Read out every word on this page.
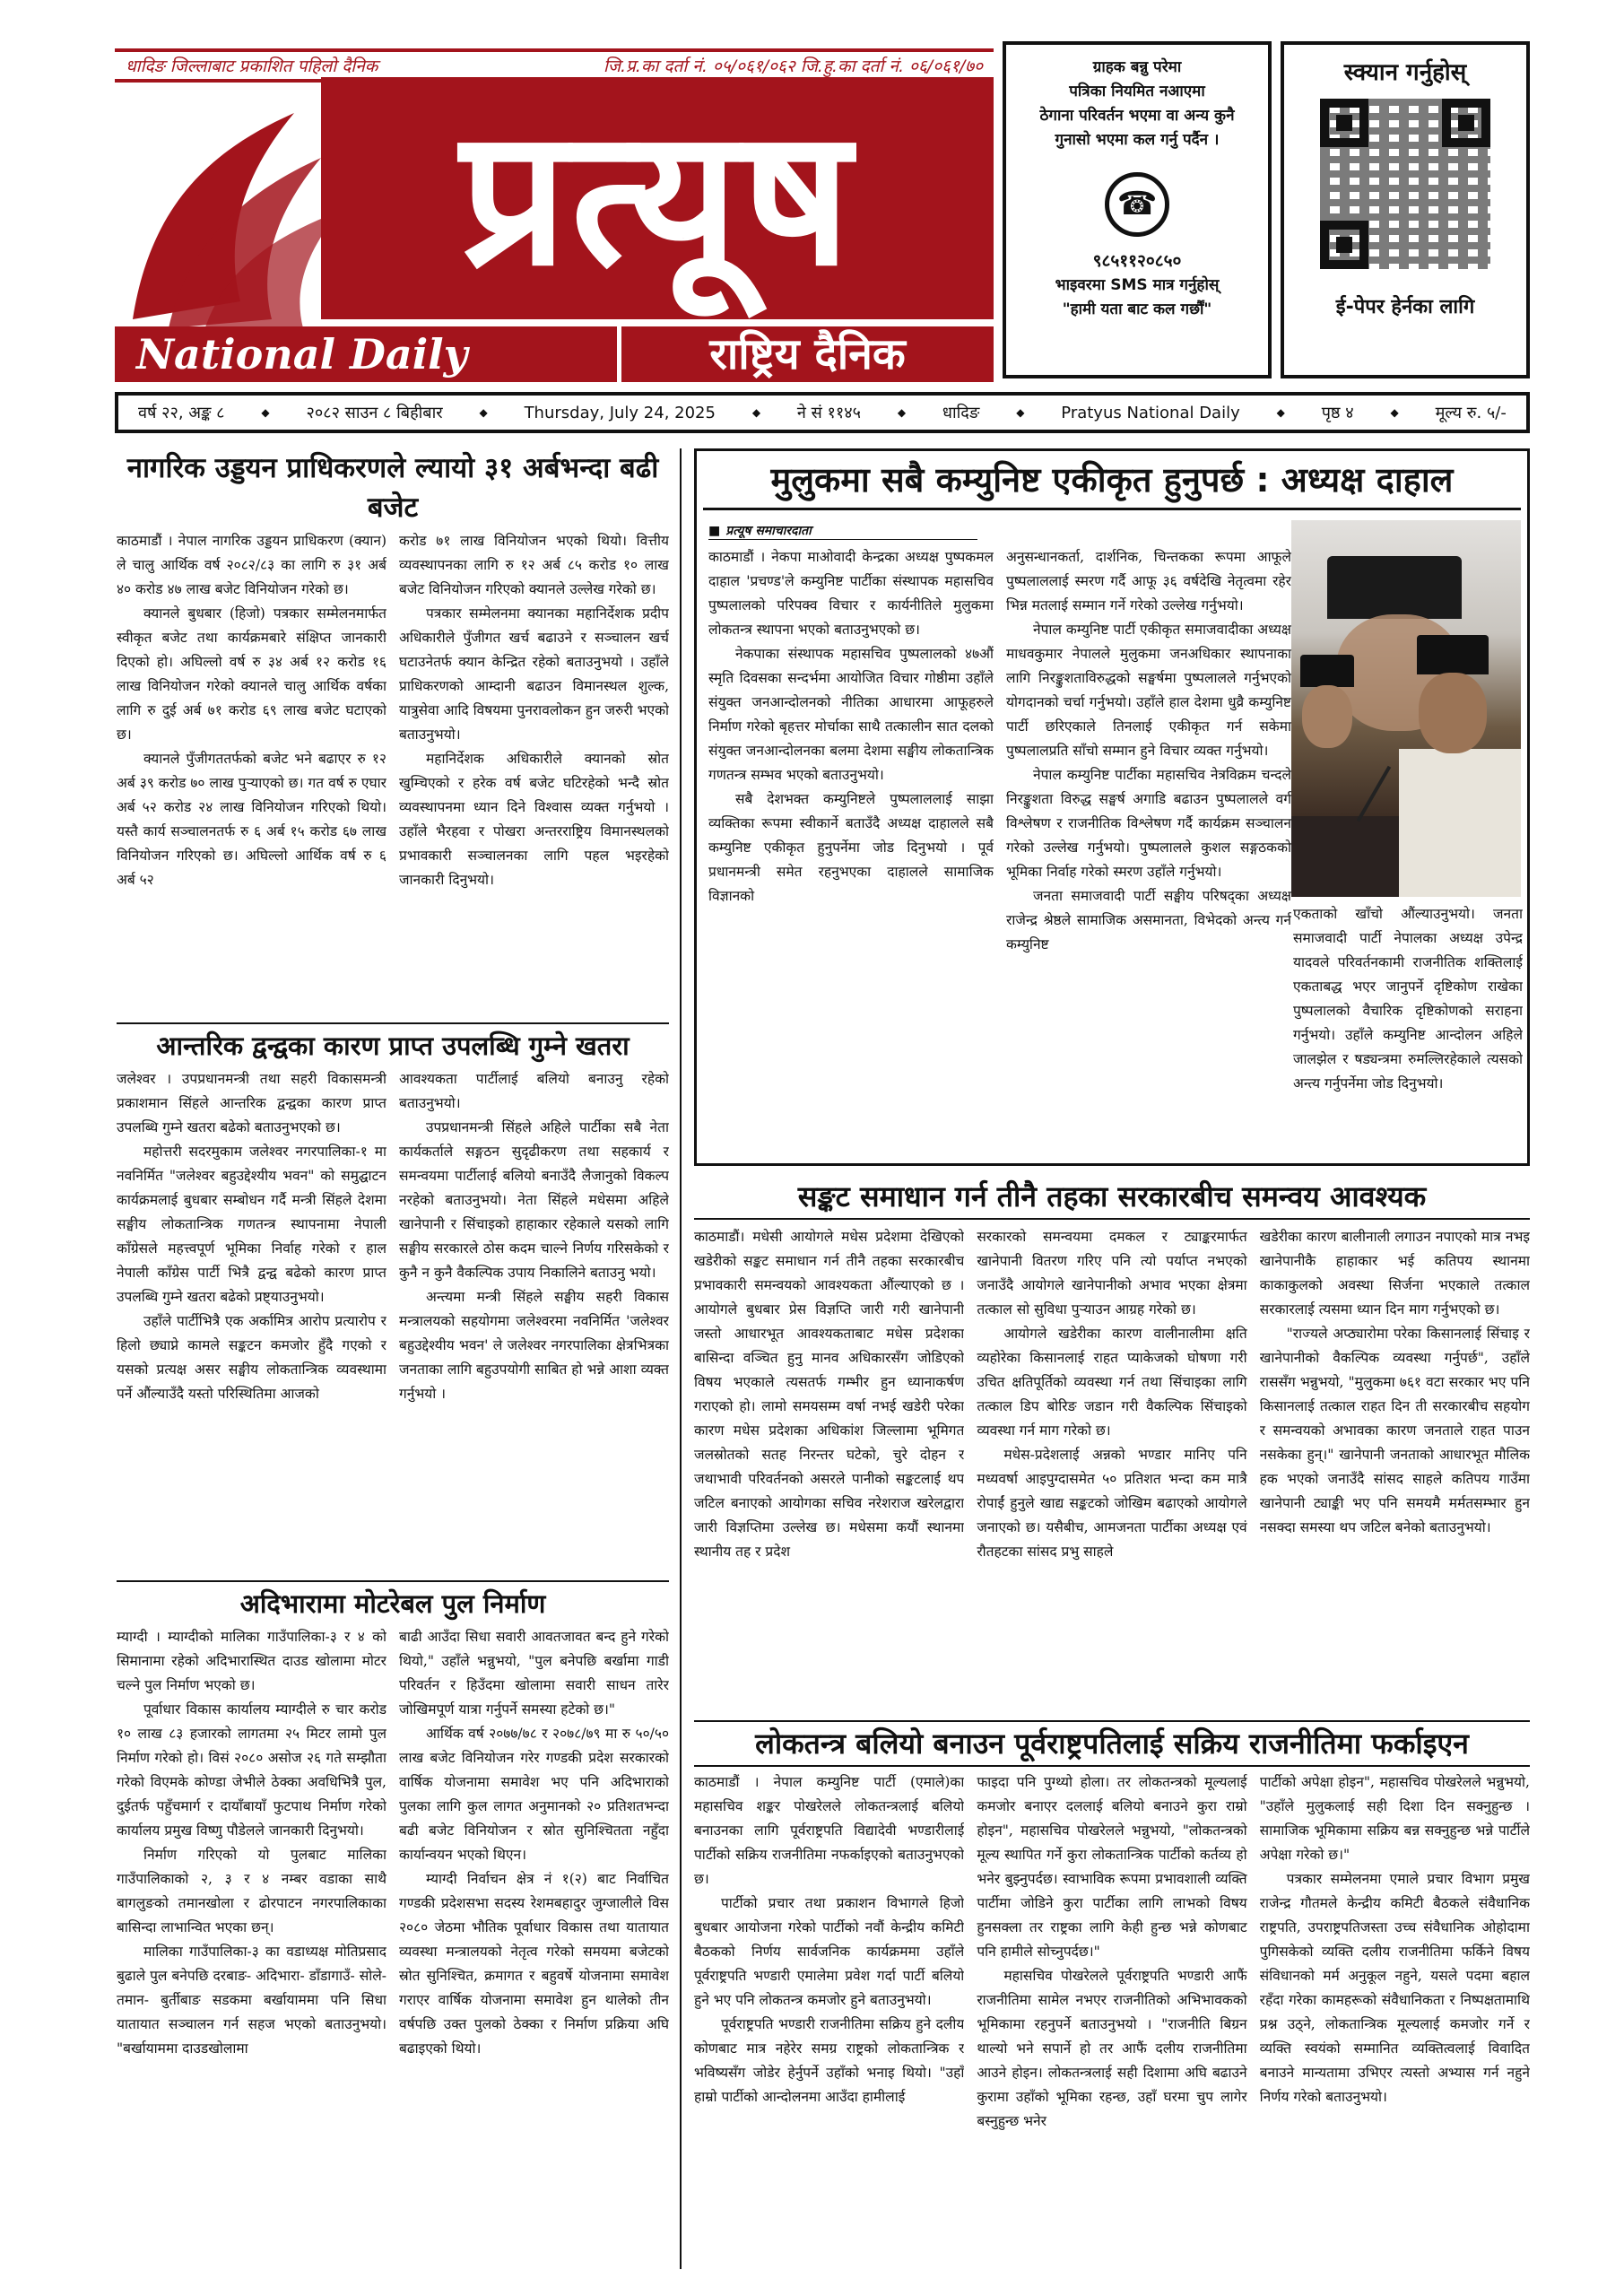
धादिङ जिल्लाबाट प्रकाशित पहिलो दैनिक	जि.प्र.का दर्ता नं. ०५/०६१/०६२ जि.हु.का दर्ता नं. ०६/०६१/७०
प्रत्यूष
National Daily	राष्ट्रिय दैनिक
ग्राहक बन्नु परेमा
पत्रिका नियमित नआएमा
ठेगाना परिवर्तन भएमा वा अन्य कुनै
गुनासो भएमा कल गर्नु पर्दैन ।
☎
९८५११२०८५०
भाइवरमा SMS मात्र गर्नुहोस्
"हामी यता बाट कल गर्छौं"
स्क्यान गर्नुहोस्
ई-पेपर हेर्नका लागि
वर्ष २२, अङ्क ८	◆ २०८२ साउन ८ बिहीबार	◆ Thursday, July 24, 2025	◆ ने सं ११४५	◆ धादिङ	◆ Pratyus National Daily	◆ पृष्ठ ४	◆ मूल्य रु. ५/-
नागरिक उड्डयन प्राधिकरणले ल्यायो ३१ अर्बभन्दा बढी बजेट

काठमाडौं । नेपाल नागरिक उड्डयन प्राधिकरण (क्यान) ले चालु आर्थिक वर्ष २०८२/८३ का लागि रु ३१ अर्ब ४० करोड ४७ लाख बजेट विनियोजन गरेको छ।

क्यानले बुधबार (हिजो) पत्रकार सम्मेलनमार्फत स्वीकृत बजेट तथा कार्यक्रमबारे संक्षिप्त जानकारी दिएको हो। अघिल्लो वर्ष रु ३४ अर्ब १२ करोड १६ लाख विनियोजन गरेको क्यानले चालु आर्थिक वर्षका लागि रु दुई अर्ब ७१ करोड ६९ लाख बजेट घटाएको छ।

क्यानले पुँजीगततर्फको बजेट भने बढाएर रु १२ अर्ब ३९ करोड ७० लाख पुऱ्याएको छ। गत वर्ष रु एघार अर्ब ५२ करोड २४ लाख विनियोजन गरिएको थियो। यस्तै कार्य सञ्चालनतर्फ रु ६ अर्ब १५ करोड ६७ लाख विनियोजन गरिएको छ। अघिल्लो आर्थिक वर्ष रु ६ अर्ब ५२

करोड ७१ लाख विनियोजन भएको थियो। वित्तीय व्यवस्थापनका लागि रु १२ अर्ब ८५ करोड १० लाख बजेट विनियोजन गरिएको क्यानले उल्लेख गरेको छ।

पत्रकार सम्मेलनमा क्यानका महानिर्देशक प्रदीप अधिकारीले पुँजीगत खर्च बढाउने र सञ्चालन खर्च घटाउनेतर्फ क्यान केन्द्रित रहेको बताउनुभयो । उहाँले प्राधिकरणको आम्दानी बढाउन विमानस्थल शुल्क, यात्रुसेवा आदि विषयमा पुनरावलोकन हुन जरुरी भएको बताउनुभयो।

महानिर्देशक अधिकारीले क्यानको स्रोत खुम्चिएको र हरेक वर्ष बजेट घटिरहेको भन्दै स्रोत व्यवस्थापनमा ध्यान दिने विश्वास व्यक्त गर्नुभयो । उहाँले भैरहवा र पोखरा अन्तरराष्ट्रिय विमानस्थलको प्रभावकारी सञ्चालनका लागि पहल भइरहेको जानकारी दिनुभयो।

आन्तरिक द्वन्द्वका कारण प्राप्त उपलब्धि गुम्ने खतरा

जलेश्वर । उपप्रधानमन्त्री तथा सहरी विकासमन्त्री प्रकाशमान सिंहले आन्तरिक द्वन्द्वका कारण प्राप्त उपलब्धि गुम्ने खतरा बढेको बताउनुभएको छ।

महोत्तरी सदरमुकाम जलेश्वर नगरपालिका-१ मा नवनिर्मित "जलेश्वर बहुउद्देश्यीय भवन" को समुद्घाटन कार्यक्रमलाई बुधबार सम्बोधन गर्दै मन्त्री सिंहले देशमा सङ्घीय लोकतान्त्रिक गणतन्त्र स्थापनामा नेपाली काँग्रेसले महत्त्वपूर्ण भूमिका निर्वाह गरेको र हाल नेपाली काँग्रेस पार्टी भित्रै द्वन्द्व बढेको कारण प्राप्त उपलब्धि गुम्ने खतरा बढेको प्रष्ट्याउनुभयो।

उहाँले पार्टीभित्रै एक अर्कामित्र आरोप प्रत्यारोप र हिलो छ्याप्ने कामले सङ्कटन कमजोर हुँदै गएको र यसको प्रत्यक्ष असर सङ्घीय लोकतान्त्रिक व्यवस्थामा पर्ने औंल्याउँदै यस्तो परिस्थितिमा आजको

आवश्यकता पार्टीलाई बलियो बनाउनु रहेको बताउनुभयो।

उपप्रधानमन्त्री सिंहले अहिले पार्टीका सबै नेता कार्यकर्ताले सङ्गठन सुदृढीकरण तथा सहकार्य र समन्वयमा पार्टीलाई बलियो बनाउँदै लैजानुको विकल्प नरहेको बताउनुभयो। नेता सिंहले मधेसमा अहिले खानेपानी र सिंचाइको हाहाकार रहेकाले यसको लागि सङ्घीय सरकारले ठोस कदम चाल्ने निर्णय गरिसकेको र कुनै न कुनै वैकल्पिक उपाय निकालिने बताउनु भयो।

अन्त्यमा मन्त्री सिंहले सङ्घीय सहरी विकास मन्त्रालयको सहयोगमा जलेश्वरमा नवनिर्मित 'जलेश्वर बहुउद्देश्यीय भवन' ले जलेश्वर नगरपालिका क्षेत्रभित्रका जनताका लागि बहुउपयोगी साबित हो भन्ने आशा व्यक्त गर्नुभयो ।

अदिभारामा मोटरेबल पुल निर्माण

म्याग्दी । म्याग्दीको मालिका गाउँपालिका-३ र ४ को सिमानामा रहेको अदिभारास्थित दाउड खोलामा मोटर चल्ने पुल निर्माण भएको छ।

पूर्वाधार विकास कार्यालय म्याग्दीले रु चार करोड १० लाख ८३ हजारको लागतमा २५ मिटर लामो पुल निर्माण गरेको हो। विसं २०८० असोज २६ गते सम्झौता गरेको विएमके कोण्डा जेभीले ठेक्का अवधिभित्रै पुल, दुईतर्फ पहुँचमार्ग र दायाँबायाँ फुटपाथ निर्माण गरेको कार्यालय प्रमुख विष्णु पौडेलले जानकारी दिनुभयो।

निर्माण गरिएको यो पुलबाट मालिका गाउँपालिकाको २, ३ र ४ नम्बर वडाका साथै बागलुङको तमानखोला र ढोरपाटन नगरपालिकाका बासिन्दा लाभान्वित भएका छन्।

मालिका गाउँपालिका-३ का वडाध्यक्ष मोतिप्रसाद बुढाले पुल बनेपछि दरबाङ- अदिभारा- डाँडागाउँ- सोले- तमान- बुर्तीबाङ सडकमा बर्खायाममा पनि सिधा यातायात सञ्चालन गर्न सहज भएको बताउनुभयो। "बर्खायाममा दाउडखोलामा

बाढी आउँदा सिधा सवारी आवतजावत बन्द हुने गरेको थियो," उहाँले भन्नुभयो, "पुल बनेपछि बर्खामा गाडी परिवर्तन र हिउँदमा खोलामा सवारी साधन तारेर जोखिमपूर्ण यात्रा गर्नुपर्ने समस्या हटेको छ।"

आर्थिक वर्ष २०७७/७८ र २०७८/७९ मा रु ५०/५० लाख बजेट विनियोजन गरेर गण्डकी प्रदेश सरकारको वार्षिक योजनामा समावेश भए पनि अदिभाराको पुलका लागि कुल लागत अनुमानको २० प्रतिशतभन्दा बढी बजेट विनियोजन र स्रोत सुनिश्चितता नहुँदा कार्यान्वयन भएको थिएन।

म्याग्दी निर्वाचन क्षेत्र नं १(२) बाट निर्वाचित गण्डकी प्रदेशसभा सदस्य रेशमबहादुर जुग्जालीले विस २०८० जेठमा भौतिक पूर्वाधार विकास तथा यातायात व्यवस्था मन्त्रालयको नेतृत्व गरेको समयमा बजेटको स्रोत सुनिश्चित, क्रमागत र बहुवर्षे योजनामा समावेश गराएर वार्षिक योजनामा समावेश हुन थालेको तीन वर्षपछि उक्त पुलको ठेक्का र निर्माण प्रक्रिया अघि बढाइएको थियो।

मुलुकमा सबै कम्युनिष्ट एकीकृत हुनुपर्छ : अध्यक्ष दाहाल
■ प्रत्यूष समाचारदाता

काठमाडौं । नेकपा माओवादी केन्द्रका अध्यक्ष पुष्पकमल दाहाल 'प्रचण्ड'ले कम्युनिष्ट पार्टीका संस्थापक महासचिव पुष्पलालको परिपक्व विचार र कार्यनीतिले मुलुकमा लोकतन्त्र स्थापना भएको बताउनुभएको छ।

नेकपाका संस्थापक महासचिव पुष्पलालको ४७औं स्मृति दिवसका सन्दर्भमा आयोजित विचार गोष्ठीमा उहाँले संयुक्त जनआन्दोलनको नीतिका आधारमा आफूहरुले निर्माण गरेको बृहत्तर मोर्चाका साथै तत्कालीन सात दलको संयुक्त जनआन्दोलनका बलमा देशमा सङ्घीय लोकतान्त्रिक गणतन्त्र सम्भव भएको बताउनुभयो।

सबै देशभक्त कम्युनिष्टले पुष्पलाललाई साझा व्यक्तिका रूपमा स्वीकार्ने बताउँदै अध्यक्ष दाहालले सबै कम्युनिष्ट एकीकृत हुनुपर्नेमा जोड दिनुभयो । पूर्व प्रधानमन्त्री समेत रहनुभएका दाहालले सामाजिक विज्ञानको

अनुसन्धानकर्ता, दार्शनिक, चिन्तकका रूपमा आफूले पुष्पलाललाई स्मरण गर्दै आफू ३६ वर्षदेखि नेतृत्वमा रहेर भिन्न मतलाई सम्मान गर्ने गरेको उल्लेख गर्नुभयो।

नेपाल कम्युनिष्ट पार्टी एकीकृत समाजवादीका अध्यक्ष माधवकुमार नेपालले मुलुकमा जनअधिकार स्थापनाका लागि निरङ्कुशताविरुद्धको सङ्घर्षमा पुष्पलालले गर्नुभएको योगदानको चर्चा गर्नुभयो। उहाँले हाल देशमा धुव्रै कम्युनिष्ट पार्टी छरिएकाले तिनलाई एकीकृत गर्न सकेमा पुष्पलालप्रति साँचो सम्मान हुने विचार व्यक्त गर्नुभयो।

नेपाल कम्युनिष्ट पार्टीका महासचिव नेत्रविक्रम चन्दले निरङ्कुशता विरुद्ध सङ्घर्ष अगाडि बढाउन पुष्पलालले वर्ग विश्लेषण र राजनीतिक विश्लेषण गर्दै कार्यक्रम सञ्चालन गरेको उल्लेख गर्नुभयो। पुष्पलालले कुशल सङ्गठकको भूमिका निर्वाह गरेको स्मरण उहाँले गर्नुभयो।

जनता समाजवादी पार्टी सङ्घीय परिषद्का अध्यक्ष राजेन्द्र श्रेष्ठले सामाजिक असमानता, विभेदको अन्त्य गर्न कम्युनिष्ट

एकताको खाँचो औंल्याउनुभयो। जनता समाजवादी पार्टी नेपालका अध्यक्ष उपेन्द्र यादवले परिवर्तनकामी राजनीतिक शक्तिलाई एकताबद्ध भएर जानुपर्ने दृष्टिकोण राखेका पुष्पलालको वैचारिक दृष्टिकोणको सराहना गर्नुभयो। उहाँले कम्युनिष्ट आन्दोलन अहिले जालझेल र षड्यन्त्रमा रुमल्लिरहेकाले त्यसको अन्त्य गर्नुपर्नेमा जोड दिनुभयो।

सङ्कट समाधान गर्न तीनै तहका सरकारबीच समन्वय आवश्यक

काठमाडौं। मधेसी आयोगले मधेस प्रदेशमा देखिएको खडेरीको सङ्कट समाधान गर्न तीनै तहका सरकारबीच प्रभावकारी समन्वयको आवश्यकता औंल्याएको छ । आयोगले बुधबार प्रेस विज्ञप्ति जारी गरी खानेपानी जस्तो आधारभूत आवश्यकताबाट मधेस प्रदेशका बासिन्दा वञ्चित हुनु मानव अधिकारसँग जोडिएको विषय भएकाले त्यसतर्फ गम्भीर हुन ध्यानाकर्षण गराएको हो। लामो समयसम्म वर्षा नभई खडेरी परेका कारण मधेस प्रदेशका अधिकांश जिल्लामा भूमिगत जलस्रोतको सतह निरन्तर घटेको, चुरे दोहन र जथाभावी परिवर्तनको असरले पानीको सङ्कटलाई थप जटिल बनाएको आयोगका सचिव नरेशराज खरेलद्वारा जारी विज्ञप्तिमा उल्लेख छ। मधेसमा कयौं स्थानमा स्थानीय तह र प्रदेश

सरकारको समन्वयमा दमकल र ट्याङ्करमार्फत खानेपानी वितरण गरिए पनि त्यो पर्याप्त नभएको जनाउँदै आयोगले खानेपानीको अभाव भएका क्षेत्रमा तत्काल सो सुविधा पुऱ्याउन आग्रह गरेको छ।

आयोगले खडेरीका कारण वालीनालीमा क्षति व्यहोरेका किसानलाई राहत प्याकेजको घोषणा गरी उचित क्षतिपूर्तिको व्यवस्था गर्न तथा सिंचाइका लागि तत्काल डिप बोरिङ जडान गरी वैकल्पिक सिंचाइको व्यवस्था गर्न माग गरेको छ।

मधेस-प्रदेशलाई अन्नको भण्डार मानिए पनि मध्यवर्षा आइपुग्दासमेत ५० प्रतिशत भन्दा कम मात्रै रोपाईं हुनुले खाद्य सङ्कटको जोखिम बढाएको आयोगले जनाएको छ। यसैबीच, आमजनता पार्टीका अध्यक्ष एवं रौतहटका सांसद प्रभु साहले

खडेरीका कारण बालीनाली लगाउन नपाएको मात्र नभइ खानेपानीकै हाहाकार भई कतिपय स्थानमा काकाकुलको अवस्था सिर्जना भएकाले तत्काल सरकारलाई त्यसमा ध्यान दिन माग गर्नुभएको छ।

"राज्यले अप्ठ्यारोमा परेका किसानलाई सिंचाइ र खानेपानीको वैकल्पिक व्यवस्था गर्नुपर्छ", उहाँले राससँग भन्नुभयो, "मुलुकमा ७६१ वटा सरकार भए पनि किसानलाई तत्काल राहत दिन ती सरकारबीच सहयोग र समन्वयको अभावका कारण जनताले राहत पाउन नसकेका हुन्।" खानेपानी जनताको आधारभूत मौलिक हक भएको जनाउँदै सांसद साहले कतिपय गाउँमा खानेपानी ट्याङ्की भए पनि समयमै मर्मतसम्भार हुन नसक्दा समस्या थप जटिल बनेको बताउनुभयो।

लोकतन्त्र बलियो बनाउन पूर्वराष्ट्रपतिलाई सक्रिय राजनीतिमा फर्काइएन

काठमाडौं । नेपाल कम्युनिष्ट पार्टी (एमाले)का महासचिव शङ्कर पोखरेलले लोकतन्त्रलाई बलियो बनाउनका लागि पूर्वराष्ट्रपति विद्यादेवी भण्डारीलाई पार्टीको सक्रिय राजनीतिमा नफर्काइएको बताउनुभएको छ।

पार्टीको प्रचार तथा प्रकाशन विभागले हिजो बुधबार आयोजना गरेको पार्टीको नवौं केन्द्रीय कमिटी बैठकको निर्णय सार्वजनिक कार्यक्रममा उहाँले पूर्वराष्ट्रपति भण्डारी एमालेमा प्रवेश गर्दा पार्टी बलियो हुने भए पनि लोकतन्त्र कमजोर हुने बताउनुभयो।

पूर्वराष्ट्रपति भण्डारी राजनीतिमा सक्रिय हुने दलीय कोणबाट मात्र नहेरेर समग्र राष्ट्रको लोकतान्त्रिक र भविष्यसँग जोडेर हेर्नुपर्ने उहाँको भनाइ थियो। "उहाँ हाम्रो पार्टीको आन्दोलनमा आउँदा हामीलाई

फाइदा पनि पुग्थ्यो होला। तर लोकतन्त्रको मूल्यलाई कमजोर बनाएर दललाई बलियो बनाउने कुरा राम्रो होइन", महासचिव पोखरेलले भन्नुभयो, "लोकतन्त्रको मूल्य स्थापित गर्ने कुरा लोकतान्त्रिक पार्टीको कर्तव्य हो भनेर बुझ्नुपर्दछ। स्वाभाविक रूपमा प्रभावशाली व्यक्ति पार्टीमा जोडिने कुरा पार्टीका लागि लाभको विषय हुनसक्ला तर राष्ट्रका लागि केही हुन्छ भन्ने कोणबाट पनि हामीले सोच्नुपर्दछ।"

महासचिव पोखरेलले पूर्वराष्ट्रपति भण्डारी आफैं राजनीतिमा सामेल नभएर राजनीतिको अभिभावकको भूमिकामा रहनुपर्ने बताउनुभयो । "राजनीति बिग्रन थाल्यो भने सपार्ने हो तर आफैं दलीय राजनीतिमा आउने होइन। लोकतन्त्रलाई सही दिशामा अघि बढाउने कुरामा उहाँको भूमिका रहन्छ, उहाँ घरमा चुप लागेर बस्नुहुन्छ भनेर

पार्टीको अपेक्षा होइन", महासचिव पोखरेलले भन्नुभयो, "उहाँले मुलुकलाई सही दिशा दिन सक्नुहुन्छ । सामाजिक भूमिकामा सक्रिय बन्न सक्नुहुन्छ भन्ने पार्टीले अपेक्षा गरेको छ।"

पत्रकार सम्मेलनमा एमाले प्रचार विभाग प्रमुख राजेन्द्र गौतमले केन्द्रीय कमिटी बैठकले संवैधानिक राष्ट्रपति, उपराष्ट्रपतिजस्ता उच्च संवैधानिक ओहोदामा पुगिसकेको व्यक्ति दलीय राजनीतिमा फर्किने विषय संविधानको मर्म अनुकूल नहुने, यसले पदमा बहाल रहँदा गरेका कामहरूको संवैधानिकता र निष्पक्षतामाथि प्रश्न उठ्ने, लोकतान्त्रिक मूल्यलाई कमजोर गर्ने र व्यक्ति स्वयंको सम्मानित व्यक्तित्वलाई विवादित बनाउने मान्यतामा उभिएर त्यस्तो अभ्यास गर्न नहुने निर्णय गरेको बताउनुभयो।
